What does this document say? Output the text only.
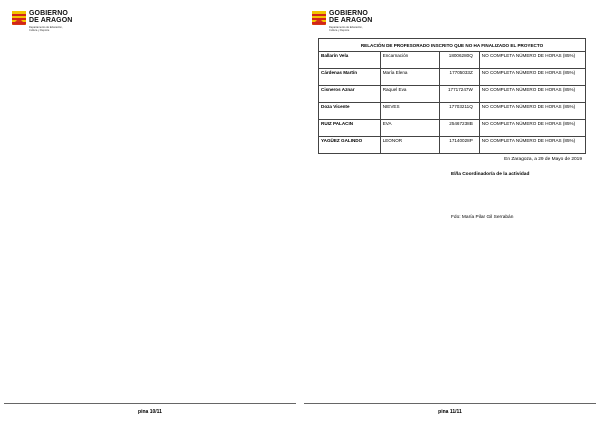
GOBIERNO
DE ARAGON
Departamento de Educación,
Cultura y Deporte
pina 10/11
GOBIERNO
DE ARAGON
Departamento de Educación,
Cultura y Deporte
RELACIÓN DE PROFESORADO INSCRITO QUE NO HA FINALIZADO EL PROYECTO			
Ballarín Vela	Encarnación	18006280Q	NO COMPLETA NÚMERO DE HORAS (85%)
Cárdenas Martín	María Elena	17705033Z	NO COMPLETA NÚMERO DE HORAS (85%)
Cisneros Aznar	Raquel Eva	17717247W	NO COMPLETA NÚMERO DE HORAS (85%)
Doza Vicente	NIEVES	17703211Q	NO COMPLETA NÚMERO DE HORAS (85%)
RUIZ PALACIN	EVA	25467238B	NO COMPLETA NÚMERO DE HORAS (85%)
YAGÜEZ GALINDO	LEONOR	17140028P	NO COMPLETA NÚMERO DE HORAS (85%)
En Zaragoza, a 29 de Mayo de 2019
El/la Coordinador/a de la actividad
Fdo: María Pilar Gil Serrabán
pina 11/11
